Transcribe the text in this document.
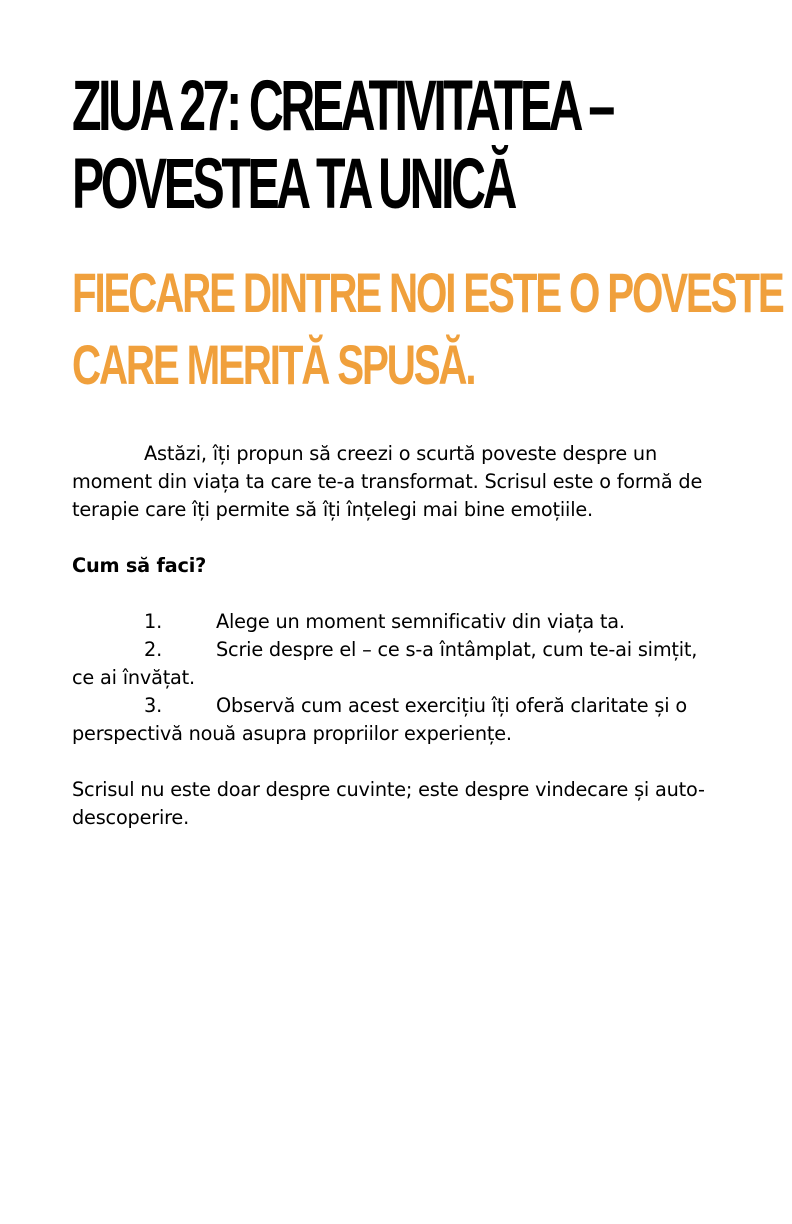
ZIUA 27: CREATIVITATEA –

POVESTEA TA UNICĂ

FIECARE DINTRE NOI ESTE O POVESTE

CARE MERITĂ SPUSĂ.

Astăzi, îți propun să creezi o scurtă poveste despre un moment din viața ta care te-a transformat. Scrisul este o formă de terapie care îți permite să îți înțelegi mai bine emoțiile.

Cum să faci?

1.	Alege un moment semnificativ din viața ta.

2.	Scrie despre el – ce s-a întâmplat, cum te-ai simțit, ce ai învățat.

3.	Observă cum acest exercițiu îți oferă claritate și o perspectivă nouă asupra propriilor experiențe.

Scrisul nu este doar despre cuvinte; este despre vindecare și auto-descoperire.
